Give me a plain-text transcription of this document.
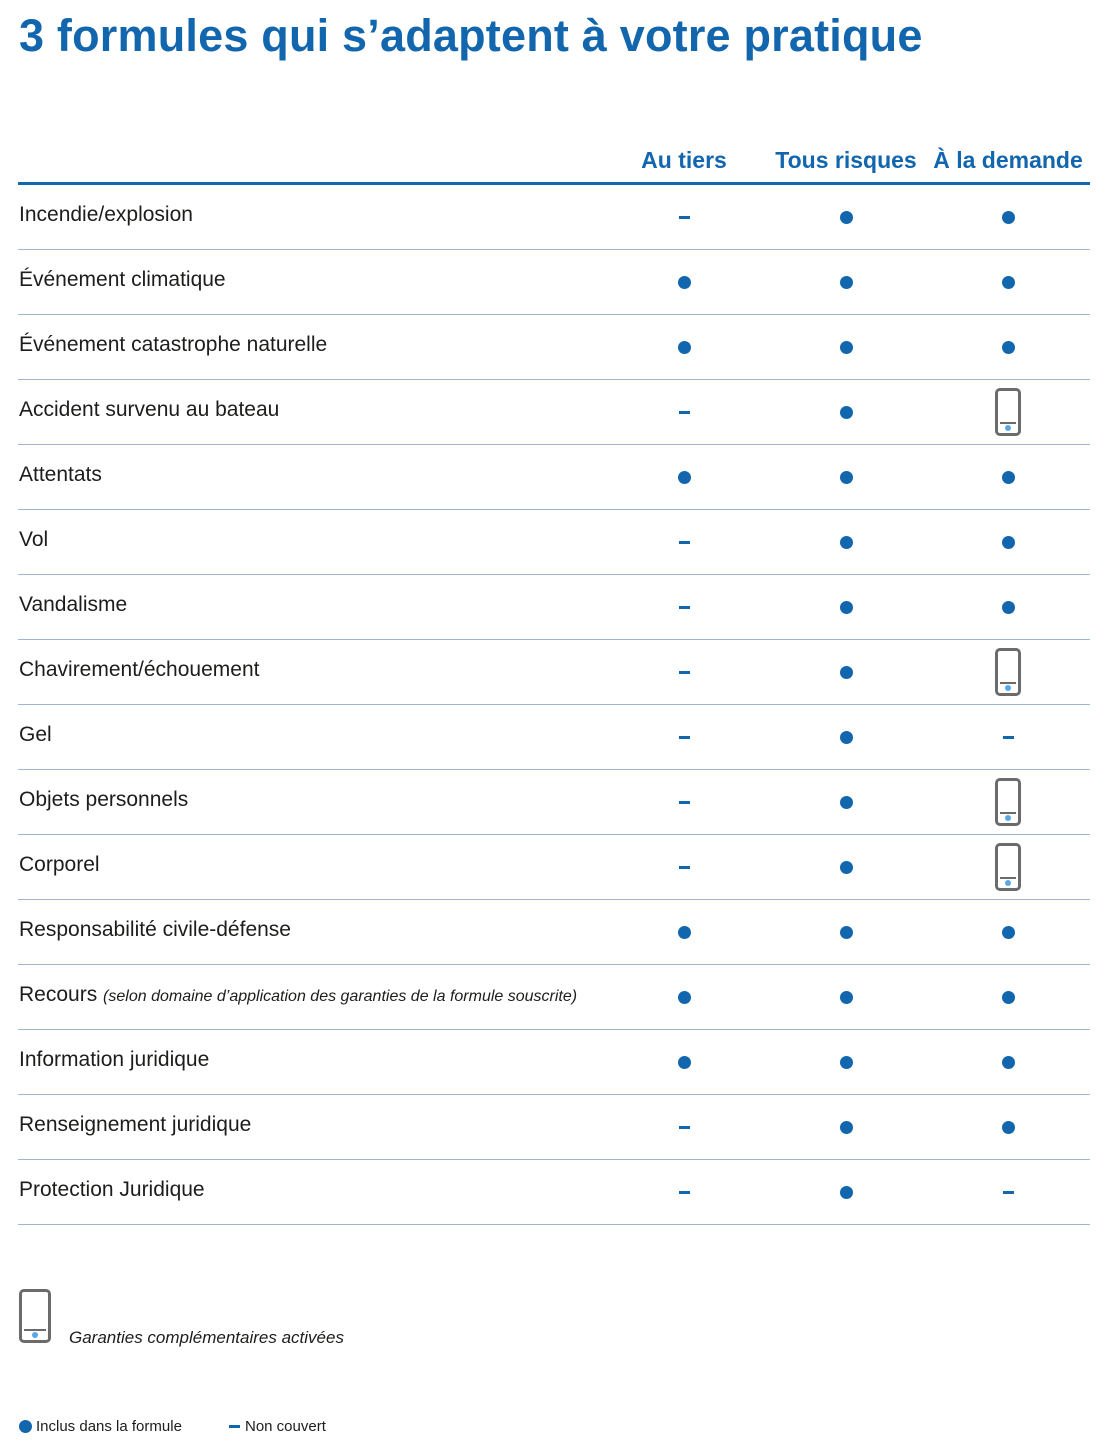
3 formules qui s’adaptent à votre pratique
Au tiers Tous risques À la demande
Incendie/explosion
Événement climatique
Événement catastrophe naturelle
Accident survenu au bateau
Attentats
Vol
Vandalisme
Chavirement/échouement
Gel
Objets personnels
Corporel
Responsabilité civile-défense
Recours (selon domaine d’application des garanties de la formule souscrite)
Information juridique
Renseignement juridique
Protection Juridique
Garanties complémentaires activées
Inclus dans la formule	Non couvert
